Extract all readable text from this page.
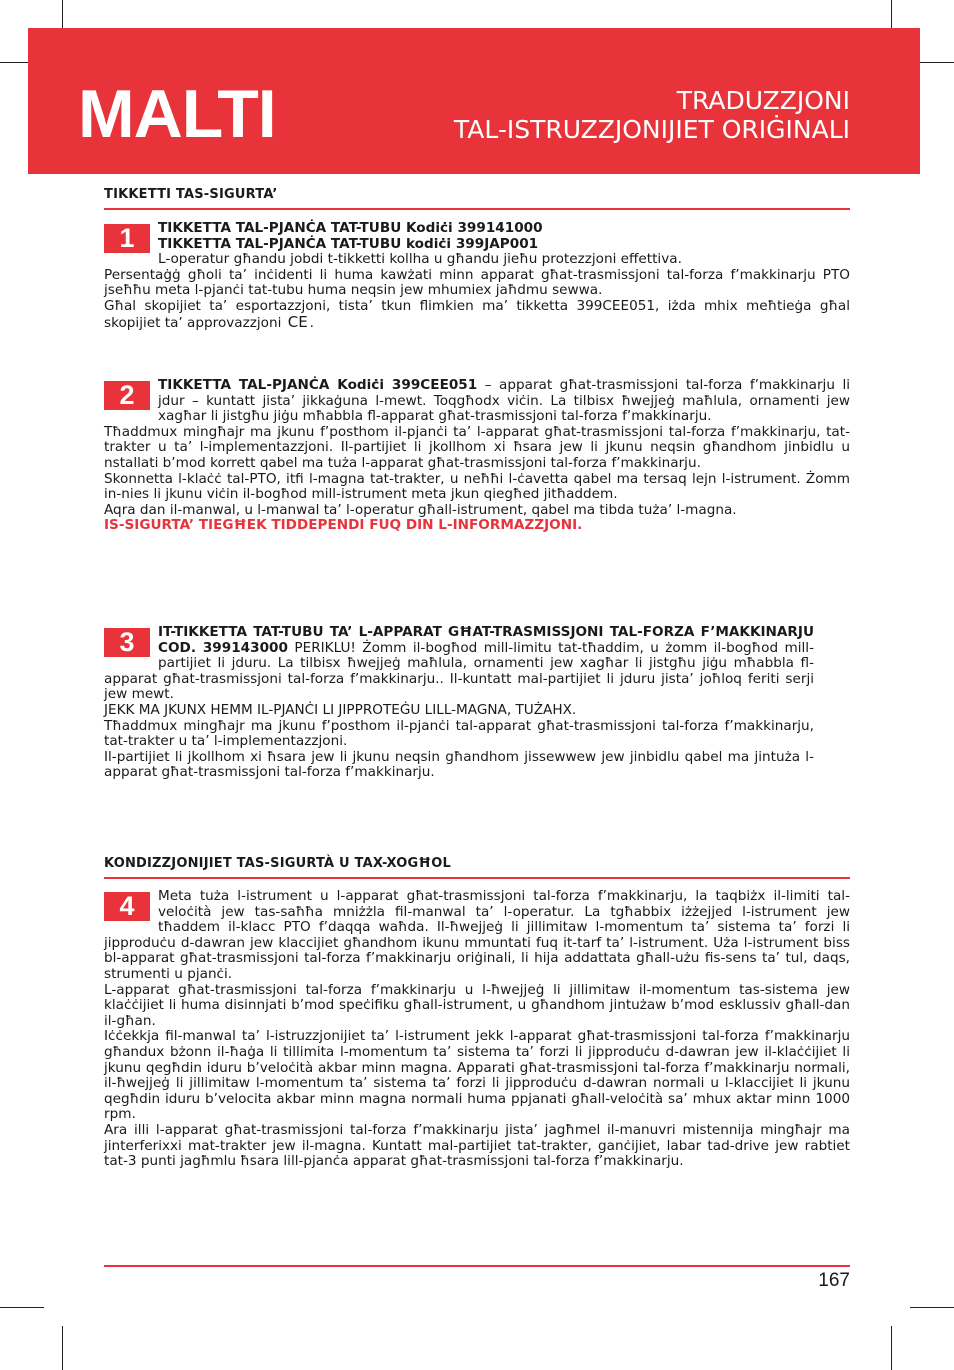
MALTI	TRADUZZJONI
TAL-ISTRUZZJONIJIET ORIĠINALI
TIKKETTI TAS-SIGURTA’
1	TIKKETTA TAL-PJANĊA TAT-TUBU Kodiċi 399141000
TIKKETTA TAL-PJANĊA TAT-TUBU kodiċi 399JAP001
L-operatur għandu jobdi t-tikketti kollha u għandu jieħu protezzjoni effettiva.
Persentaġġ għoli ta’ inċidenti li huma kawżati minn apparat għat-trasmissjoni tal-forza f’makkinarju PTO jseħħu meta l-pjanċi tat-tubu huma neqsin jew mhumiex jaħdmu sewwa.
Għal skopijiet ta’ esportazzjoni, tista’ tkun flimkien ma’ tikketta 399CEE051, iżda mhix meħtieġa għal skopijiet ta’ approvazzjoni CE .

2	TIKKETTA TAL-PJANĊA Kodiċi 399CEE051 – apparat għat-trasmissjoni tal-forza f’makkinarju li jdur – kuntatt jista’ jikkaġuna l-mewt. Toqgħodx viċin. La tilbisx ħwejjeġ maħlula, ornamenti jew xagħar li jistgħu jiġu mħabbla fl-apparat għat-trasmissjoni tal-forza f’makkinarju.
Tħaddmux mingħajr ma jkunu f’posthom il-pjanċi ta’ l-apparat għat-trasmissjoni tal-forza f’makkinarju, tat-trakter u ta’ l-implementazzjoni. Il-partijiet li jkollhom xi ħsara jew li jkunu neqsin għandhom jinbidlu u nstallati b’mod korrett qabel ma tuża l-apparat għat-trasmissjoni tal-forza f’makkinarju.
Skonnetta l-klaċċ tal-PTO, itfi l-magna tat-trakter, u neħħi l-ċavetta qabel ma tersaq lejn l-istrument. Żomm in-nies li jkunu viċin il-bogħod mill-istrument meta jkun qiegħed jitħaddem.
Aqra dan il-manwal, u l-manwal ta’ l-operatur għall-istrument, qabel ma tibda tuża’ l-magna.
IS-SIGURTA’ TIEGĦEK TIDDEPENDI FUQ DIN L-INFORMAZZJONI.

3	IT-TIKKETTA TAT-TUBU TA’ L-APPARAT GĦAT-TRASMISSJONI TAL-FORZA F’MAKKINARJU COD. 399143000 PERIKLU! Żomm il-bogħod mill-limitu tat-tħaddim, u żomm il-bogħod mill-partijiet li jduru. La tilbisx ħwejjeġ maħlula, ornamenti jew xagħar li jistgħu jiġu mħabbla fl-apparat għat-trasmissjoni tal-forza f’makkinarju.. Il-kuntatt mal-partijiet li jduru jista’ joħloq feriti serji jew mewt.
JEKK MA JKUNX HEMM IL-PJANĊI LI JIPPROTEĠU LILL-MAGNA, TUŻAHX.
Tħaddmux mingħajr ma jkunu f’posthom il-pjanċi tal-apparat għat-trasmissjoni tal-forza f’makkinarju, tat-trakter u ta’ l-implementazzjoni.
Il-partijiet li jkollhom xi ħsara jew li jkunu neqsin għandhom jissewwew jew jinbidlu qabel ma jintuża l-apparat għat-trasmissjoni tal-forza f’makkinarju.

KONDIZZJONIJIET TAS-SIGURTÀ U TAX-XOGĦOL
4	Meta tuża l-istrument u l-apparat għat-trasmissjoni tal-forza f’makkinarju, la taqbiżx il-limiti tal-veloċità jew tas-saħħa mniżżla fil-manwal ta’ l-operatur. La tgħabbix iżżejjed l-istrument jew tħaddem il-klacc PTO f’daqqa waħda. Il-ħwejjeġ li jillimitaw l-momentum ta’ sistema ta’ forzi li jipproduċu d-dawran jew klaccijiet għandhom ikunu mmuntati fuq it-tarf ta’ l-istrument. Uża l-istrument biss bl-apparat għat-trasmissjoni tal-forza f’makkinarju oriġinali, li hija addattata għall-użu fis-sens ta’ tul, daqs, strumenti u pjanċi.
L-apparat għat-trasmissjoni tal-forza f’makkinarju u l-ħwejjeġ li jillimitaw il-momentum tas-sistema jew klaċċijiet li huma disinnjati b’mod speċifiku għall-istrument, u għandhom jintużaw b’mod esklussiv għall-dan il-għan.
Iċċekkja fil-manwal ta’ l-istruzzjonijiet ta’ l-istrument jekk l-apparat għat-trasmissjoni tal-forza f’makkinarju għandux bżonn il-ħaġa li tillimita l-momentum ta’ sistema ta’ forzi li jipproduċu d-dawran jew il-klaċċijiet li jkunu qegħdin iduru b’veloċità akbar minn magna. Apparati għat-trasmissjoni tal-forza f’makkinarju normali, il-ħwejjeġ li jillimitaw l-momentum ta’ sistema ta’ forzi li jipproduċu d-dawran normali u l-klaccijiet li jkunu qegħdin iduru b’velocita akbar minn magna normali huma ppjanati għall-veloċità sa’ mhux aktar minn 1000 rpm.
Ara illi l-apparat għat-trasmissjoni tal-forza f’makkinarju jista’ jagħmel il-manuvri mistennija mingħajr ma jinterferixxi mat-trakter jew il-magna. Kuntatt mal-partijiet tat-trakter, ganċijiet, labar tad-drive jew rabtiet tat-3 punti jagħmlu ħsara lill-pjanċa apparat għat-trasmissjoni tal-forza f’makkinarju.

167
